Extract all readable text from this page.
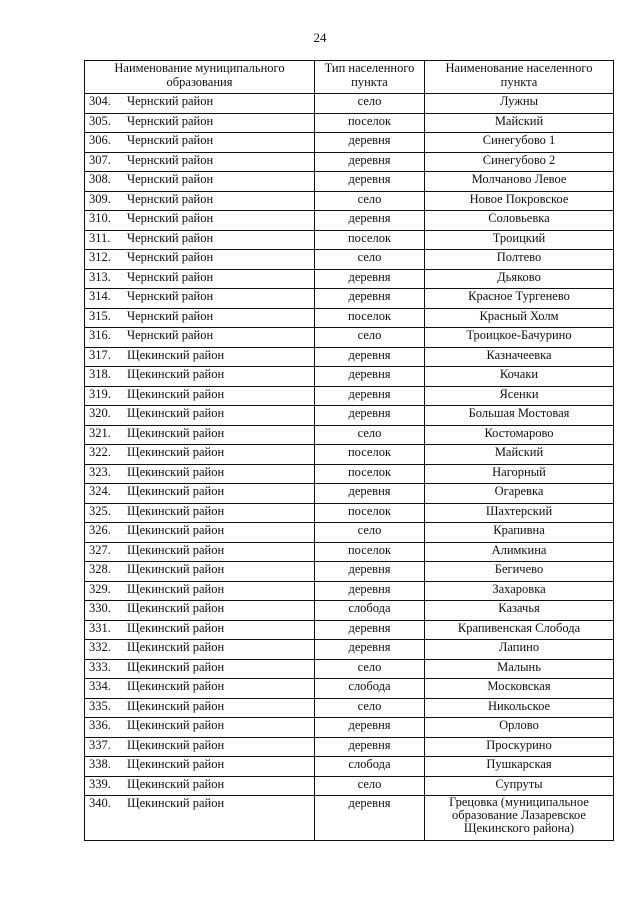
24
Наименование муниципального образования	Тип населенного пункта	Наименование населенного пункта
304. Чернский район	село	Лужны
305. Чернский район	поселок	Майский
306. Чернский район	деревня	Синегубово 1
307. Чернский район	деревня	Синегубово 2
308. Чернский район	деревня	Молчаново Левое
309. Чернский район	село	Новое Покровское
310. Чернский район	деревня	Соловьевка
311. Чернский район	поселок	Троицкий
312. Чернский район	село	Полтево
313. Чернский район	деревня	Дьяково
314. Чернский район	деревня	Красное Тургенево
315. Чернский район	поселок	Красный Холм
316. Чернский район	село	Троицкое-Бачурино
317. Щекинский район	деревня	Казначеевка
318. Щекинский район	деревня	Кочаки
319. Щекинский район	деревня	Ясенки
320. Щекинский район	деревня	Большая Мостовая
321. Щекинский район	село	Костомарово
322. Щекинский район	поселок	Майский
323. Щекинский район	поселок	Нагорный
324. Щекинский район	деревня	Огаревка
325. Щекинский район	поселок	Шахтерский
326. Щекинский район	село	Крапивна
327. Щекинский район	поселок	Алимкина
328. Щекинский район	деревня	Бегичево
329. Щекинский район	деревня	Захаровка
330. Щекинский район	слобода	Казачья
331. Щекинский район	деревня	Крапивенская Слобода
332. Щекинский район	деревня	Лапино
333. Щекинский район	село	Малынь
334. Щекинский район	слобода	Московская
335. Щекинский район	село	Никольское
336. Щекинский район	деревня	Орлово
337. Щекинский район	деревня	Проскурино
338. Щекинский район	слобода	Пушкарская
339. Щекинский район	село	Супруты
340. Щекинский район	деревня	Грецовка (муниципальное образование Лазаревское Щекинского района)
